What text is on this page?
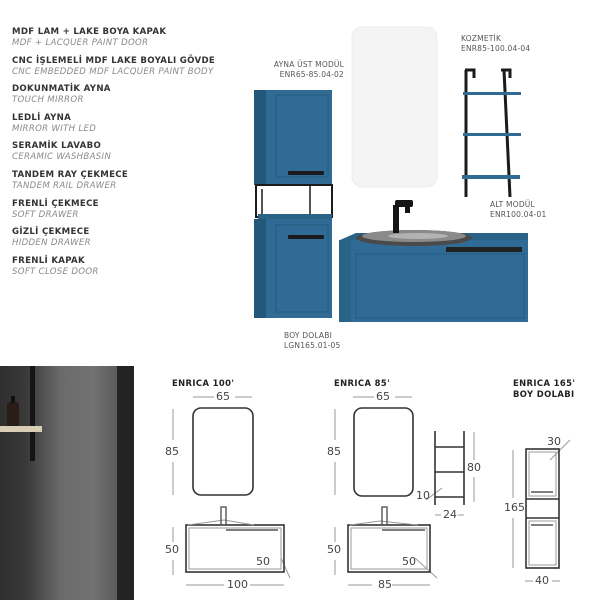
MDF LAM + LAKE BOYA KAPAK
MDF + LACQUER PAINT DOOR
CNC İŞLEMELİ MDF LAKE BOYALI GÖVDE
CNC EMBEDDED MDF LACQUER PAINT BODY
DOKUNMATİK AYNA
TOUCH MIRROR
LEDLİ AYNA
MIRROR WITH LED
SERAMİK LAVABO
CERAMIC WASHBASIN
TANDEM RAY ÇEKMECE
TANDEM RAIL DRAWER
FRENLİ ÇEKMECE
SOFT DRAWER
GİZLİ ÇEKMECE
HIDDEN DRAWER
FRENLİ KAPAK
SOFT CLOSE DOOR
AYNA ÜST MODÜL
ENR65-85.04-02
KOZMETİK
ENR85-100.04-04
ALT MODÜL
ENR100.04-01
BOY DOLABI
LGN165.01-05
ENRICA 100'
65
85
50
50
100
ENRICA 85'
65
85
80
10
24
50
50
85
ENRICA 165'
BOY DOLABI
30
165
40
